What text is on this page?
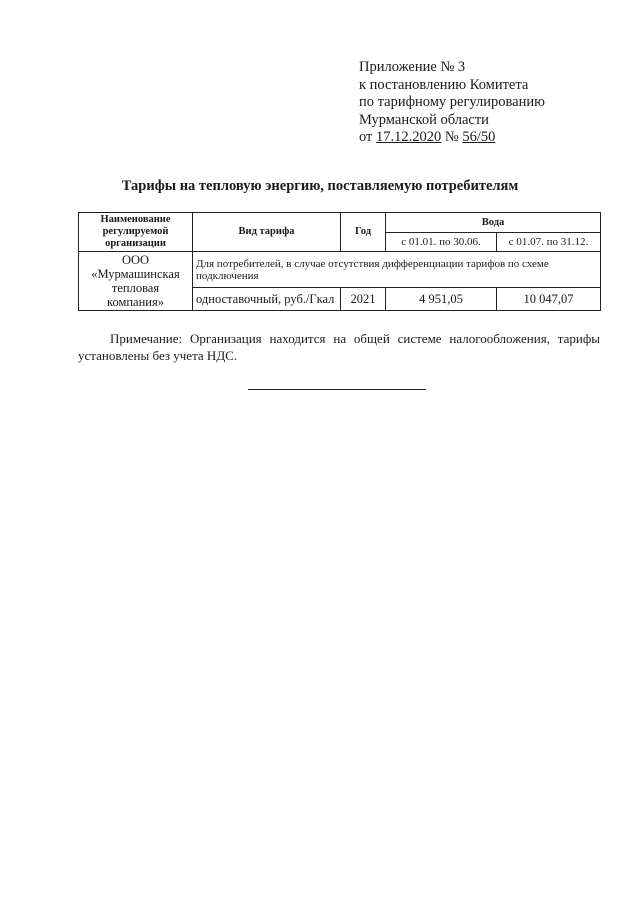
Приложение № 3
к постановлению Комитета
по тарифному регулированию
Мурманской области
от 17.12.2020 № 56/50
Тарифы на тепловую энергию, поставляемую потребителям
Наименование регулируемой организации	Вид тарифа	Год	Вода	
			с 01.01. по 30.06.	с 01.07. по 31.12.
ООО «Мурмашинская тепловая компания»	Для потребителей, в случае отсутствия дифференциации тарифов по схеме подключения			
	одноставочный, руб./Гкал	2021	4 951,05	10 047,07
Примечание: Организация находится на общей системе налогообложения, тарифы установлены без учета НДС.
